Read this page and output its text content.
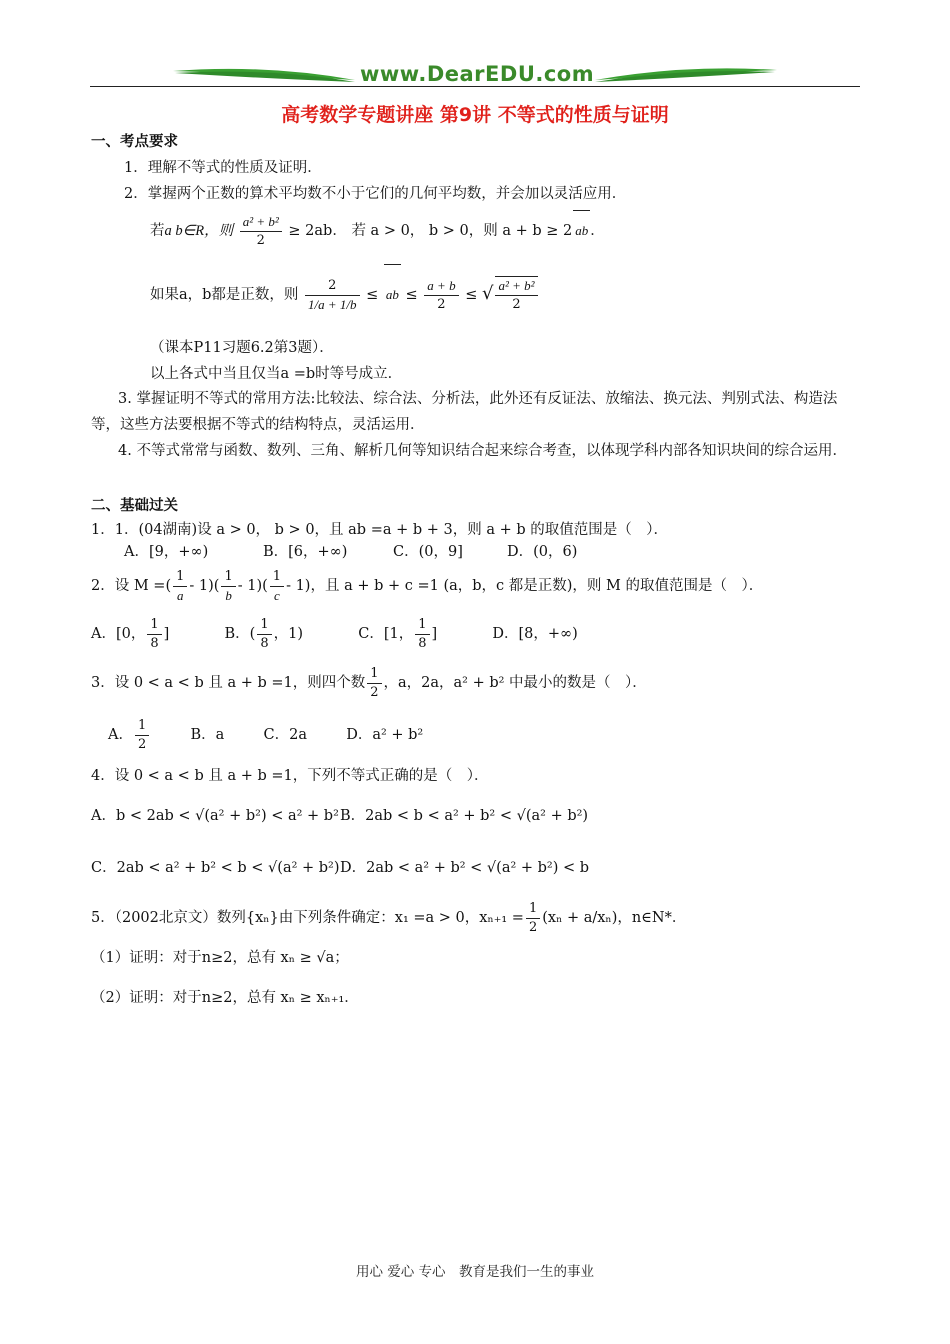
www.DearEDU.com
高考数学专题讲座 第9讲 不等式的性质与证明
一、考点要求
1．理解不等式的性质及证明．
2．掌握两个正数的算术平均数不小于它们的几何平均数，并会加以灵活应用．
若a b∈R，则 $\frac{\text{a² + b²}}{2} \ge 2ab$． 若 a > 0， b > 0，则 a + b ≥ 2 ab ．
如果a，b都是正数，则 $\frac{2}{1/a + 1/b}$ ≤ ab ≤ $\frac{a + b}{2}$ ≤ √ $\frac{\text{a² + b²}}{2}$
（课本P11习题6.2第3题）．
以上各式中当且仅当a =b时等号成立．
3. 掌握证明不等式的常用方法:比较法、综合法、分析法，此外还有反证法、放缩法、换元法、判别式法、构造法等，这些方法要根据不等式的结构特点，灵活运用．
4. 不等式常常与函数、数列、三角、解析几何等知识结合起来综合考查，以体现学科内部各知识块间的综合运用．
二、基础过关
1．1．(04湖南)设 a > 0， b > 0，且 ab =a + b + 3，则 a + b 的取值范围是（　）．
A．[9，+∞)	B．[6，+∞)	C．(0，9]	D．(0，6)
2．设 M =( $\frac{1}{a} - 1)( \frac{1}{b} - 1)( \frac{1}{c} - 1)$，且 a + b + c =1 (a，b，c 都是正数)，则 M 的取值范围是（　）．
A．[0， $\frac{1}{8}$ ]	B．( $\frac{1}{8}$ ，1)	C．[1， $\frac{1}{8}$ ]	D．[8，+∞)
3．设 0 < a < b 且 a + b =1，则四个数 $\frac{1}{2}$ ，a，2a，a² + b² 中最小的数是（　）．
A． $\frac{1}{2}$	B．a	C．2a	D．a² + b²
4．设 0 < a < b 且 a + b =1，下列不等式正确的是（　）．
A．b < 2ab < √(a² + b²) < a² + b² B．2ab < b < a² + b² < √(a² + b²)
C．2ab < a² + b² < b < √(a² + b²) D．2ab < a² + b² < √(a² + b²) < b
5．（2002北京文）数列{xₙ}由下列条件确定：x₁ =a > 0，$x_{n+1} = \frac{1}{2} (x_n + a/x_n)$，n∈N*．
（1）证明：对于n≥2，总有 xₙ ≥ √a；
（2）证明：对于n≥2，总有 xₙ ≥ xₙ₊₁．
用心 爱心 专心　教育是我们一生的事业
